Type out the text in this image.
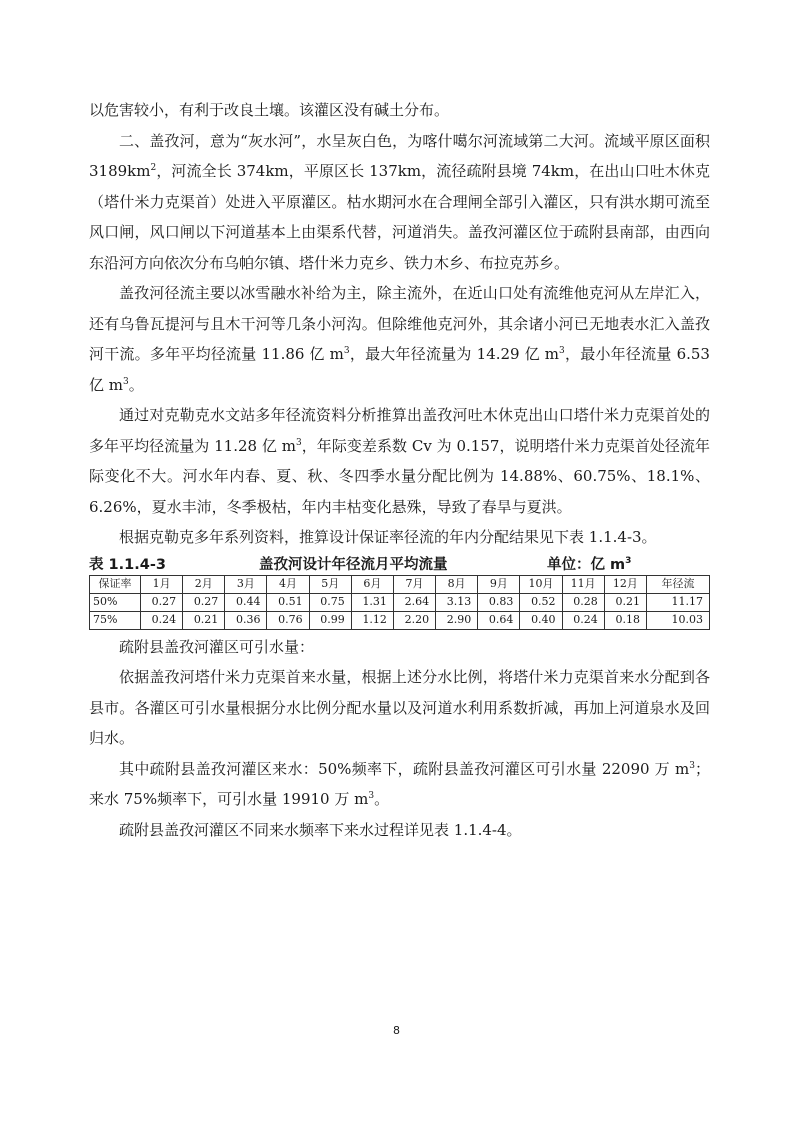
以危害较小，有利于改良土壤。该灌区没有碱土分布。

二、盖孜河，意为“灰水河”，水呈灰白色，为喀什噶尔河流域第二大河。流域平原区面积 $3189km^2$，河流全长 374km，平原区长 137km，流径疏附县境 74km，在出山口吐木休克（塔什米力克渠首）处进入平原灌区。枯水期河水在合理闸全部引入灌区，只有洪水期可流至风口闸，风口闸以下河道基本上由渠系代替，河道消失。盖孜河灌区位于疏附县南部，由西向东沿河方向依次分布乌帕尔镇、塔什米力克乡、铁力木乡、布拉克苏乡。

盖孜河径流主要以冰雪融水补给为主，除主流外，在近山口处有流维他克河从左岸汇入，还有乌鲁瓦提河与且木干河等几条小河沟。但除维他克河外，其余诸小河已无地表水汇入盖孜河干流。多年平均径流量 11.86 亿 $m^3$，最大年径流量为 14.29 亿 $m^3$，最小年径流量 6.53 亿 $m^3$。

通过对克勒克水文站多年径流资料分析推算出盖孜河吐木休克出山口塔什米力克渠首处的多年平均径流量为 11.28 亿 $m^3$，年际变差系数 Cv 为 0.157，说明塔什米力克渠首处径流年际变化不大。河水年内春、夏、秋、冬四季水量分配比例为 14.88%、60.75%、18.1%、6.26%，夏水丰沛，冬季极枯，年内丰枯变化悬殊，导致了春旱与夏洪。

根据克勒克多年系列资料，推算设计保证率径流的年内分配结果见下表 1.1.4-3。

表 1.1.4-3	盖孜河设计年径流月平均流量	单位：亿 $m^3$
保证率	1月	2月	3月	4月	5月	6月	7月	8月	9月	10月	11月	12月	年径流
50%	0.27	0.27	0.44	0.51	0.75	1.31	2.64	3.13	0.83	0.52	0.28	0.21	11.17
75%	0.24	0.21	0.36	0.76	0.99	1.12	2.20	2.90	0.64	0.40	0.24	0.18	10.03

疏附县盖孜河灌区可引水量：

依据盖孜河塔什米力克渠首来水量，根据上述分水比例，将塔什米力克渠首来水分配到各县市。各灌区可引水量根据分水比例分配水量以及河道水利用系数折减，再加上河道泉水及回归水。

其中疏附县盖孜河灌区来水：50%频率下，疏附县盖孜河灌区可引水量 22090 万 $m^3$；来水 75%频率下，可引水量 19910 万 $m^3$。

疏附县盖孜河灌区不同来水频率下来水过程详见表 1.1.4-4。

8
